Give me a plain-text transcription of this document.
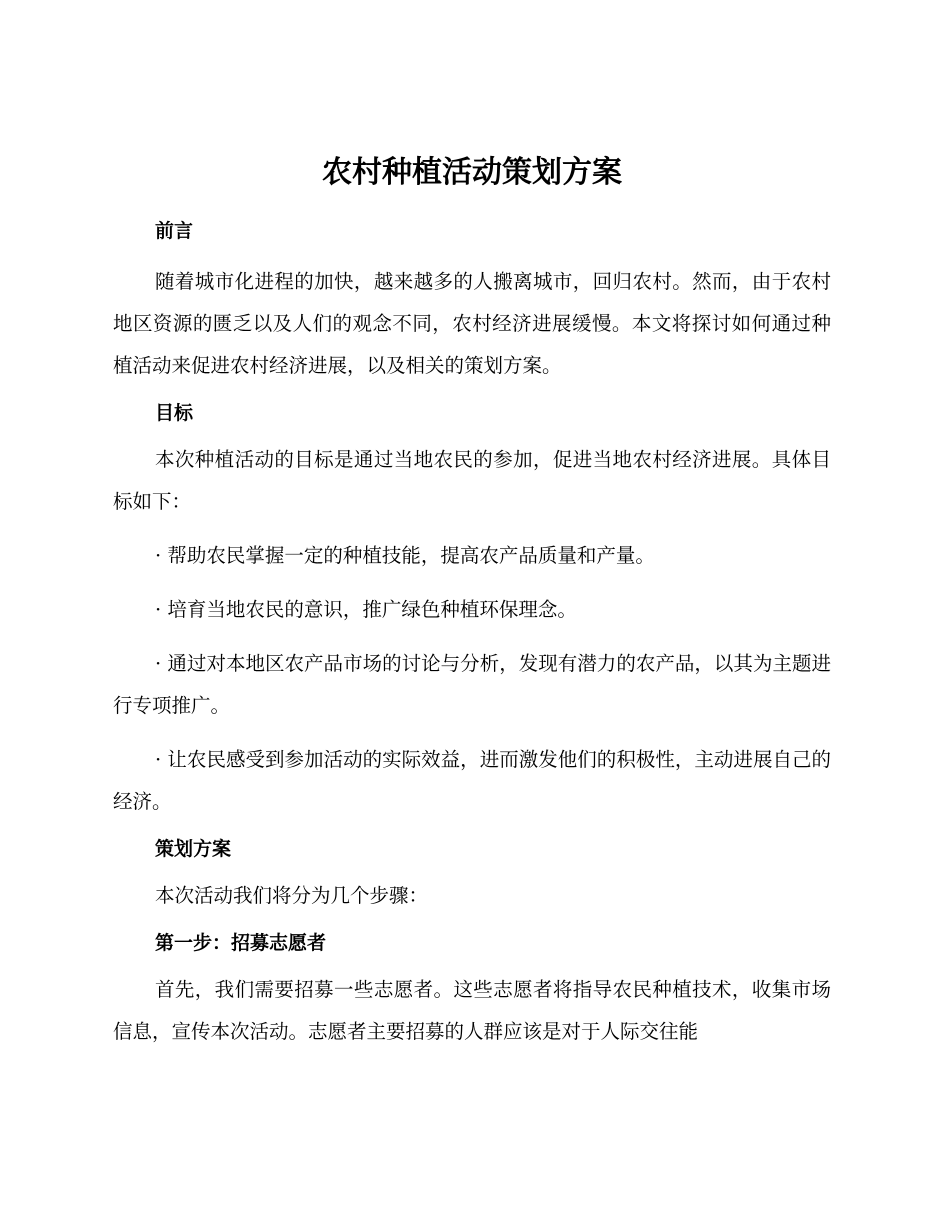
农村种植活动策划方案
前言

随着城市化进程的加快，越来越多的人搬离城市，回归农村。然而，由于农村地区资源的匮乏以及人们的观念不同，农村经济进展缓慢。本文将探讨如何通过种植活动来促进农村经济进展，以及相关的策划方案。

目标

本次种植活动的目标是通过当地农民的参加，促进当地农村经济进展。具体目标如下：

· 帮助农民掌握一定的种植技能，提高农产品质量和产量。

· 培育当地农民的意识，推广绿色种植环保理念。

· 通过对本地区农产品市场的讨论与分析，发现有潜力的农产品，以其为主题进行专项推广。

· 让农民感受到参加活动的实际效益，进而激发他们的积极性，主动进展自己的经济。

策划方案

本次活动我们将分为几个步骤：

第一步：招募志愿者

首先，我们需要招募一些志愿者。这些志愿者将指导农民种植技术，收集市场信息，宣传本次活动。志愿者主要招募的人群应该是对于人际交往能
